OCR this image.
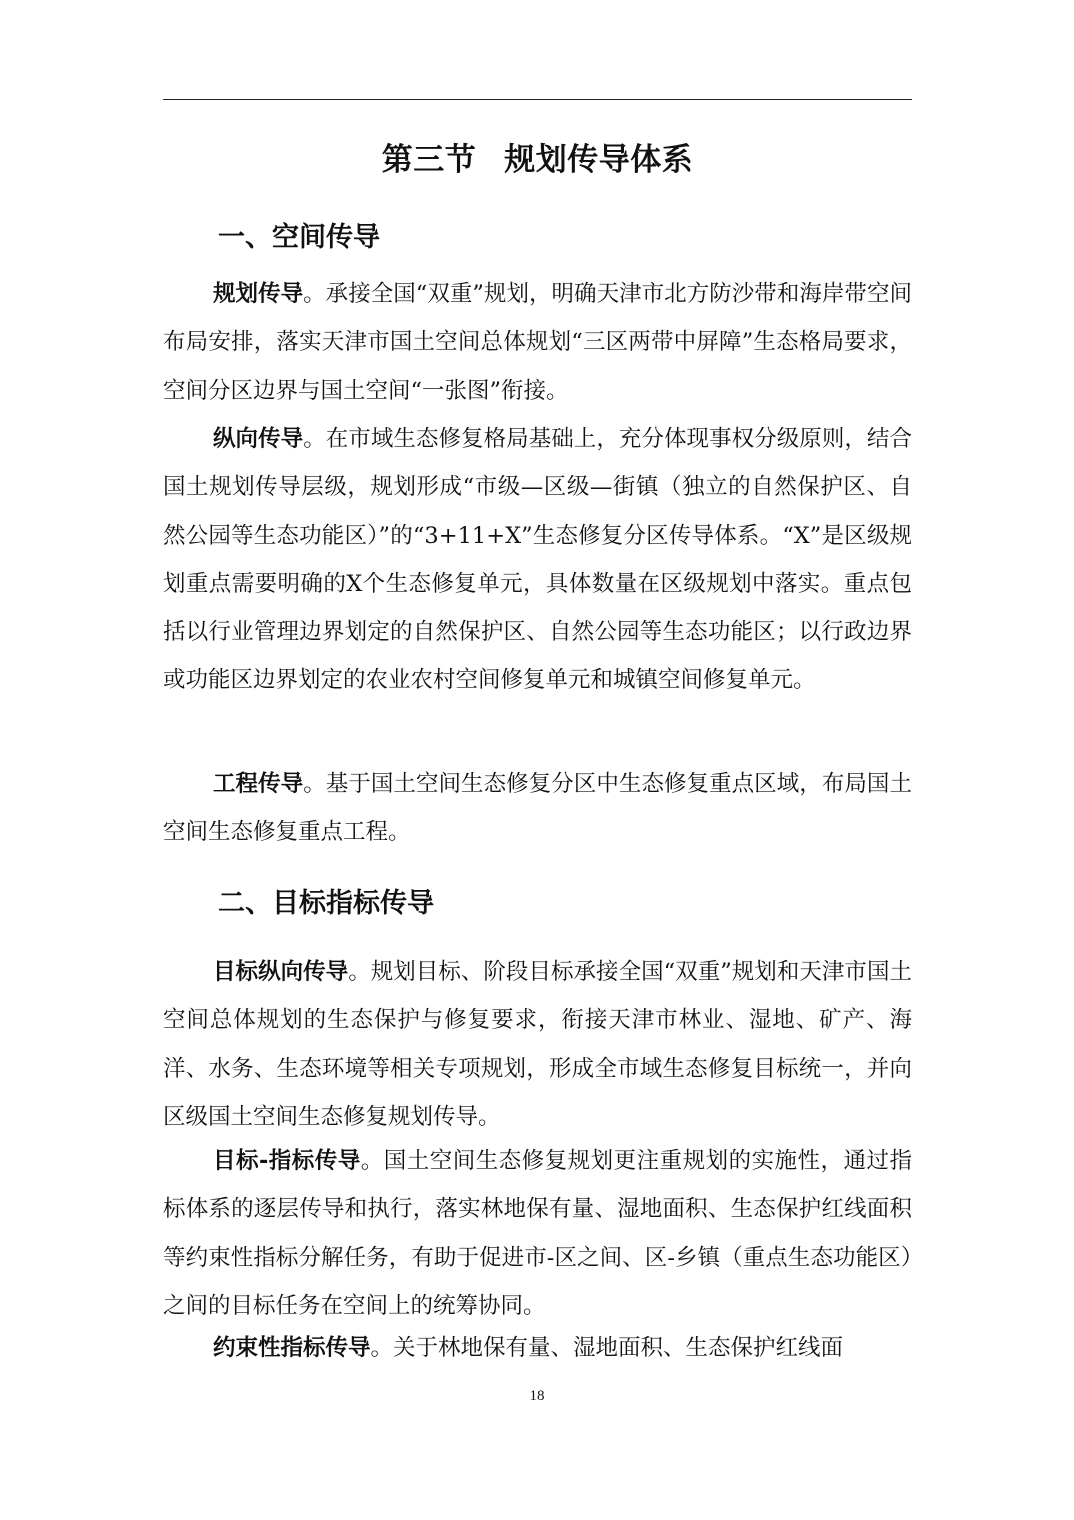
第三节 规划传导体系
一、空间传导

规划传导。承接全国“双重”规划，明确天津市北方防沙带和海岸带空间布局安排，落实天津市国土空间总体规划“三区两带中屏障”生态格局要求，空间分区边界与国土空间“一张图”衔接。

纵向传导。在市域生态修复格局基础上，充分体现事权分级原则，结合国土规划传导层级，规划形成“市级—区级—街镇（独立的自然保护区、自然公园等生态功能区）”的“3+11+X”生态修复分区传导体系。“X”是区级规划重点需要明确的X个生态修复单元，具体数量在区级规划中落实。重点包括以行业管理边界划定的自然保护区、自然公园等生态功能区；以行政边界或功能区边界划定的农业农村空间修复单元和城镇空间修复单元。

工程传导。基于国土空间生态修复分区中生态修复重点区域，布局国土空间生态修复重点工程。

二、目标指标传导

目标纵向传导。规划目标、阶段目标承接全国“双重”规划和天津市国土空间总体规划的生态保护与修复要求，衔接天津市林业、湿地、矿产、海洋、水务、生态环境等相关专项规划，形成全市域生态修复目标统一，并向区级国土空间生态修复规划传导。

目标-指标传导。国土空间生态修复规划更注重规划的实施性，通过指标体系的逐层传导和执行，落实林地保有量、湿地面积、生态保护红线面积等约束性指标分解任务，有助于促进市-区之间、区-乡镇（重点生态功能区）之间的目标任务在空间上的统筹协同。

约束性指标传导。关于林地保有量、湿地面积、生态保护红线面

18
